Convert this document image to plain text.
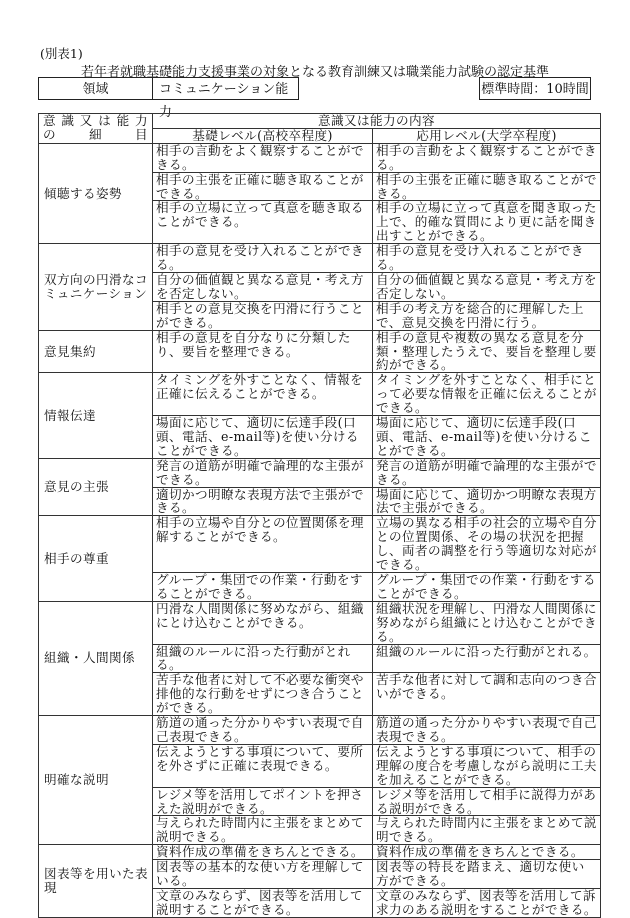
(別表1)
若年者就職基礎能力支援事業の対象となる教育訓練又は職業能力試験の認定基準
領域	コミュニケーション能力
標準時間：10時間
意識又は能力
の　　細　　目	意識又は能力の内容	
	基礎レベル(高校卒程度)	応用レベル(大学卒程度)
傾聴する姿勢	相手の言動をよく観察することができる。	相手の言動をよく観察することができる。
	相手の主張を正確に聴き取ることができる。	相手の主張を正確に聴き取ることができる。
	相手の立場に立って真意を聴き取ることができる。	相手の立場に立って真意を聞き取った上で、的確な質問により更に話を聞き出すことができる。
双方向の円滑なコミュニケーション	相手の意見を受け入れることができる。	相手の意見を受け入れることができる。
	自分の価値観と異なる意見・考え方を否定しない。	自分の価値観と異なる意見・考え方を否定しない。
	相手との意見交換を円滑に行うことができる。	相手の考え方を総合的に理解した上で、意見交換を円滑に行う。
意見集約	相手の意見を自分なりに分類したり、要旨を整理できる。	相手の意見や複数の異なる意見を分類・整理したうえで、要旨を整理し要約ができる。
情報伝達	タイミングを外すことなく、情報を正確に伝えることができる。	タイミングを外すことなく、相手にとって必要な情報を正確に伝えることができる。
	場面に応じて、適切に伝達手段(口頭、電話、e-mail等)を使い分けることができる。	場面に応じて、適切に伝達手段(口頭、電話、e-mail等)を使い分けることができる。
意見の主張	発言の道筋が明確で論理的な主張ができる。	発言の道筋が明確で論理的な主張ができる。
	適切かつ明瞭な表現方法で主張ができる。	場面に応じて、適切かつ明瞭な表現方法で主張ができる。
相手の尊重	相手の立場や自分との位置関係を理解することができる。	立場の異なる相手の社会的立場や自分との位置関係、その場の状況を把握し、両者の調整を行う等適切な対応ができる。
	グループ・集団での作業・行動をすることができる。	グループ・集団での作業・行動をすることができる。
組織・人間関係	円滑な人間関係に努めながら、組織にとけ込むことができる。	組織状況を理解し、円滑な人間関係に努めながら組織にとけ込むことができる。
	組織のルールに沿った行動がとれる。	組織のルールに沿った行動がとれる。
	苦手な他者に対して不必要な衝突や排他的な行動をせずにつき合うことができる。	苦手な他者に対して調和志向のつき合いができる。
明確な説明	筋道の通った分かりやすい表現で自己表現できる。	筋道の通った分かりやすい表現で自己表現できる。
	伝えようとする事項について、要所を外さずに正確に表現できる。	伝えようとする事項について、相手の理解の度合を考慮しながら説明に工夫を加えることができる。
	レジメ等を活用してポイントを押さえた説明ができる。	レジメ等を活用して相手に説得力がある説明ができる。
	与えられた時間内に主張をまとめて説明できる。	与えられた時間内に主張をまとめて説明できる。
図表等を用いた表現	資料作成の準備をきちんとできる。	資料作成の準備をきちんとできる。
	図表等の基本的な使い方を理解している。	図表等の特長を踏まえ、適切な使い方ができる。
	文章のみならず、図表等を活用して説明することができる。	文章のみならず、図表等を活用して訴求力のある説明をすることができる。
